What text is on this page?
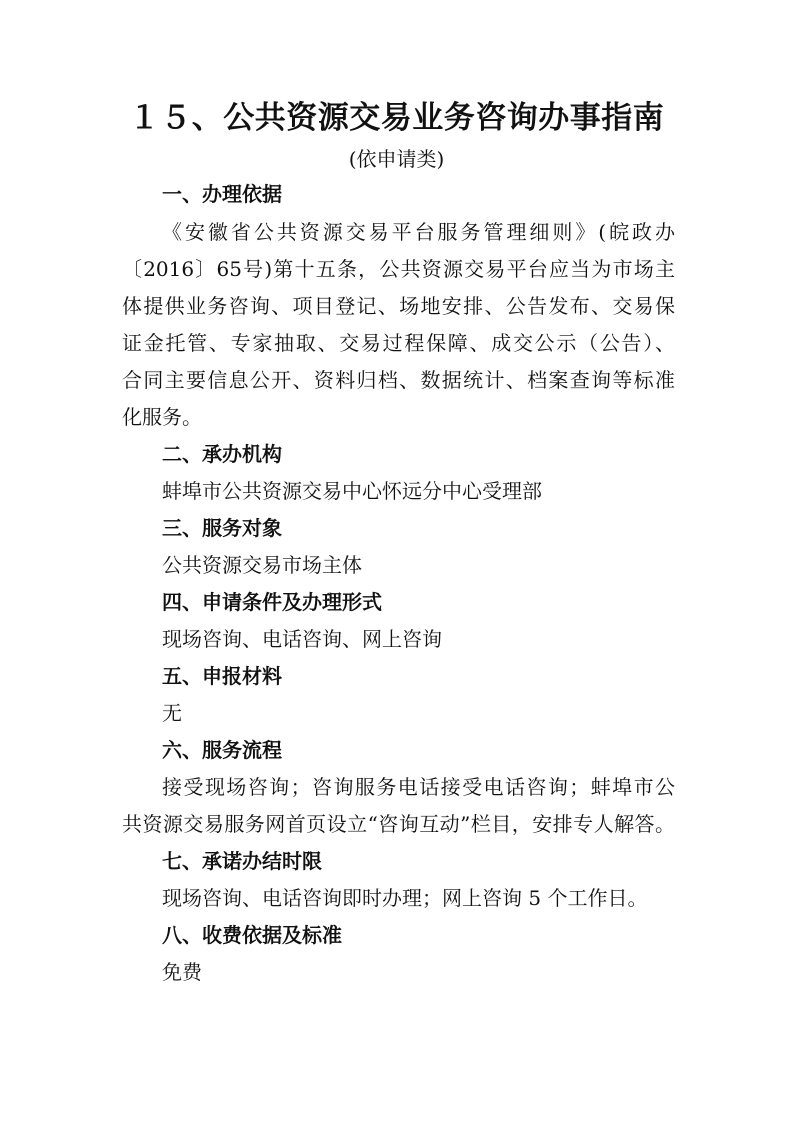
１５、公共资源交易业务咨询办事指南
(依申请类)
一、办理依据
《安徽省公共资源交易平台服务管理细则》(皖政办
〔2016〕65号)第十五条，公共资源交易平台应当为市场主
体提供业务咨询、项目登记、场地安排、公告发布、交易保
证金托管、专家抽取、交易过程保障、成交公示（公告）、
合同主要信息公开、资料归档、数据统计、档案查询等标准
化服务。
二、承办机构
蚌埠市公共资源交易中心怀远分中心受理部
三、服务对象
公共资源交易市场主体
四、申请条件及办理形式
现场咨询、电话咨询、网上咨询
五、申报材料
无
六、服务流程
接受现场咨询；咨询服务电话接受电话咨询；蚌埠市公
共资源交易服务网首页设立“咨询互动”栏目，安排专人解答。
七、承诺办结时限
现场咨询、电话咨询即时办理；网上咨询 5 个工作日。
八、收费依据及标准
免费
